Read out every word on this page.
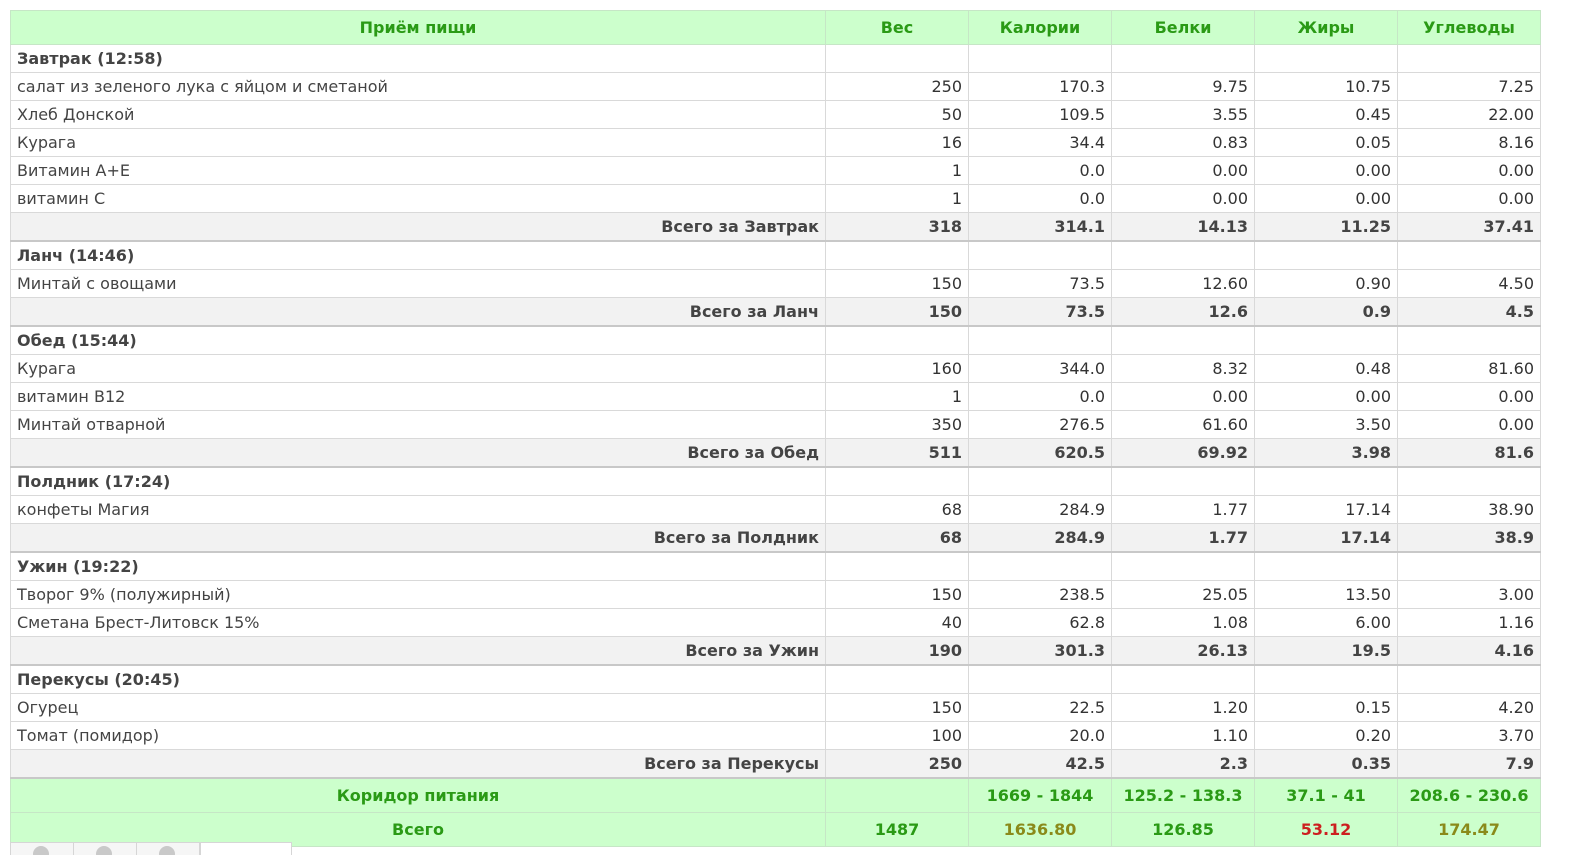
Приём пищи	Вес	Калории	Белки	Жиры	Углеводы
Завтрак (12:58)					
салат из зеленого лука с яйцом и сметаной	250	170.3	9.75	10.75	7.25
Хлеб Донской	50	109.5	3.55	0.45	22.00
Курага	16	34.4	0.83	0.05	8.16
Витамин А+Е	1	0.0	0.00	0.00	0.00
витамин С	1	0.0	0.00	0.00	0.00
Всего за Завтрак	318	314.1	14.13	11.25	37.41
Ланч (14:46)					
Минтай с овощами	150	73.5	12.60	0.90	4.50
Всего за Ланч	150	73.5	12.6	0.9	4.5
Обед (15:44)					
Курага	160	344.0	8.32	0.48	81.60
витамин В12	1	0.0	0.00	0.00	0.00
Минтай отварной	350	276.5	61.60	3.50	0.00
Всего за Обед	511	620.5	69.92	3.98	81.6
Полдник (17:24)					
конфеты Магия	68	284.9	1.77	17.14	38.90
Всего за Полдник	68	284.9	1.77	17.14	38.9
Ужин (19:22)					
Творог 9% (полужирный)	150	238.5	25.05	13.50	3.00
Сметана Брест-Литовск 15%	40	62.8	1.08	6.00	1.16
Всего за Ужин	190	301.3	26.13	19.5	4.16
Перекусы (20:45)					
Огурец	150	22.5	1.20	0.15	4.20
Томат (помидор)	100	20.0	1.10	0.20	3.70
Всего за Перекусы	250	42.5	2.3	0.35	7.9
Коридор питания		1669 - 1844	125.2 - 138.3	37.1 - 41	208.6 - 230.6
Всего	1487	1636.80	126.85	53.12	174.47
